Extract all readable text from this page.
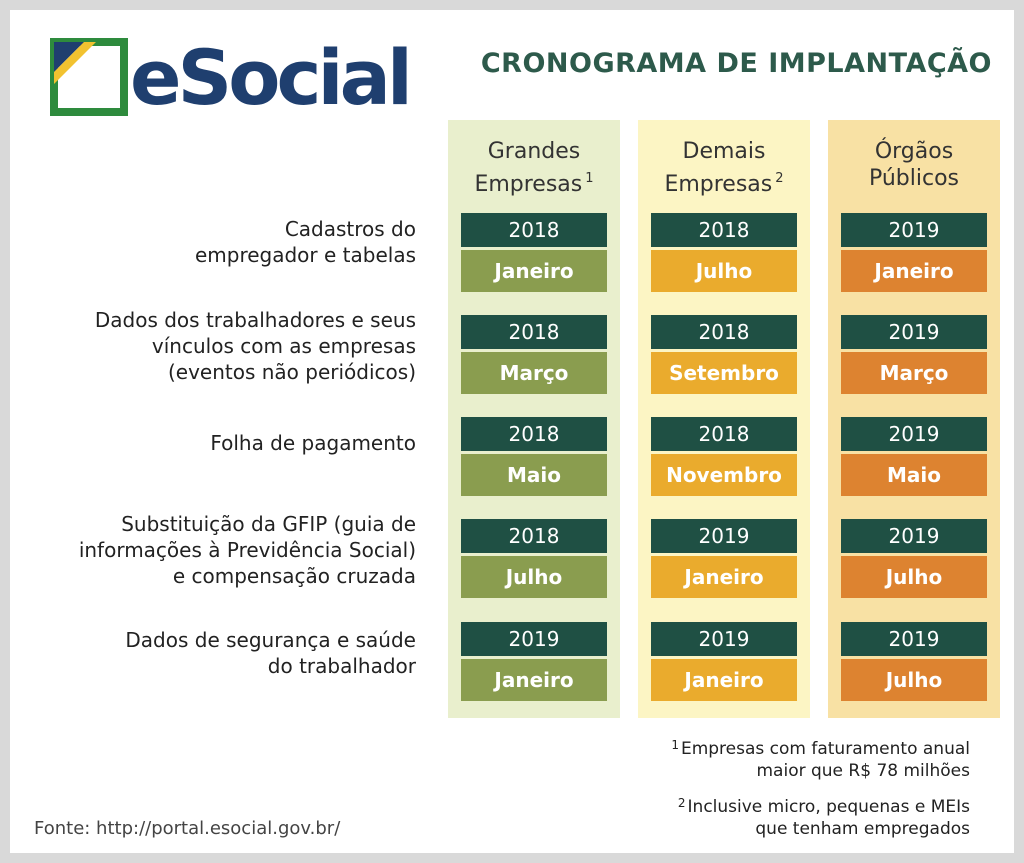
eSocial	CRONOGRAMA DE IMPLANTAÇÃO
Grandes
Empresas $^1$
2018
Janeiro
2018
Março
2018
Maio
2018
Julho
2019
Janeiro
Demais
Empresas $^2$
2018
Julho
2018
Setembro
2018
Novembro
2019
Janeiro
2019
Janeiro
Órgãos
Públicos
2019
Janeiro
2019
Março
2019
Maio
2019
Julho
2019
Julho
Cadastros do
empregador e tabelas
Dados dos trabalhadores e seus
vínculos com as empresas
(eventos não periódicos)
Folha de pagamento
Substituição da GFIP (guia de
informações à Previdência Social)
e compensação cruzada
Dados de segurança e saúde
do trabalhador
$^1$ Empresas com faturamento anual
maior que R$ 78 milhões
$^2$ Inclusive micro, pequenas e MEIs
que tenham empregados
Fonte: http://portal.esocial.gov.br/
